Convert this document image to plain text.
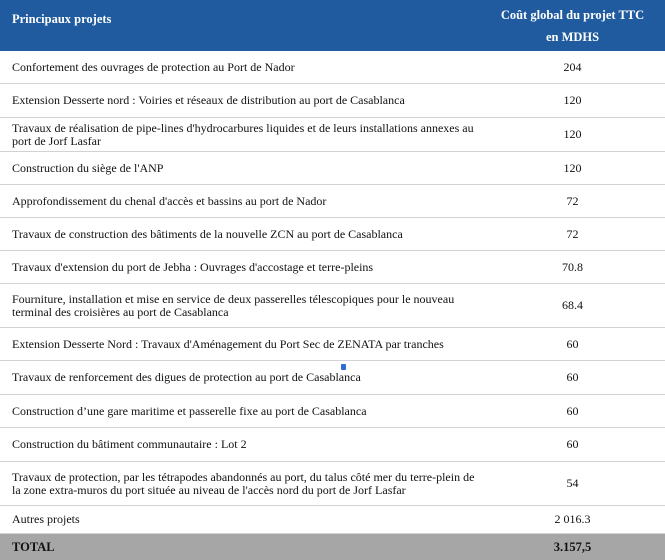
Principaux projets	Coût global du projet TTC
en MDHS
Confortement des ouvrages de protection au Port de Nador	204
Extension Desserte nord : Voiries et réseaux de distribution au port de Casablanca	120
Travaux de réalisation de pipe-lines d'hydrocarbures liquides et de leurs installations annexes au port de Jorf Lasfar	120
Construction du siège de l'ANP	120
Approfondissement du chenal d'accès et bassins au port de Nador	72
Travaux de construction des bâtiments de la nouvelle ZCN au port de Casablanca	72
Travaux d'extension du port de Jebha : Ouvrages d'accostage et terre-pleins	70.8
Fourniture, installation et mise en service de deux passerelles télescopiques pour le nouveau terminal des croisières au port de Casablanca	68.4
Extension Desserte Nord : Travaux d'Aménagement du Port Sec de ZENATA par tranches	60
Travaux de renforcement des digues de protection au port de Casablanca	60
Construction d’une gare maritime et passerelle fixe au port de Casablanca	60
Construction du bâtiment communautaire : Lot 2	60
Travaux de protection, par les tétrapodes abandonnés au port, du talus côté mer du terre-plein de la zone extra-muros du port située au niveau de l'accès nord du port de Jorf Lasfar	54
Autres projets	2 016.3
TOTAL	3.157,5
